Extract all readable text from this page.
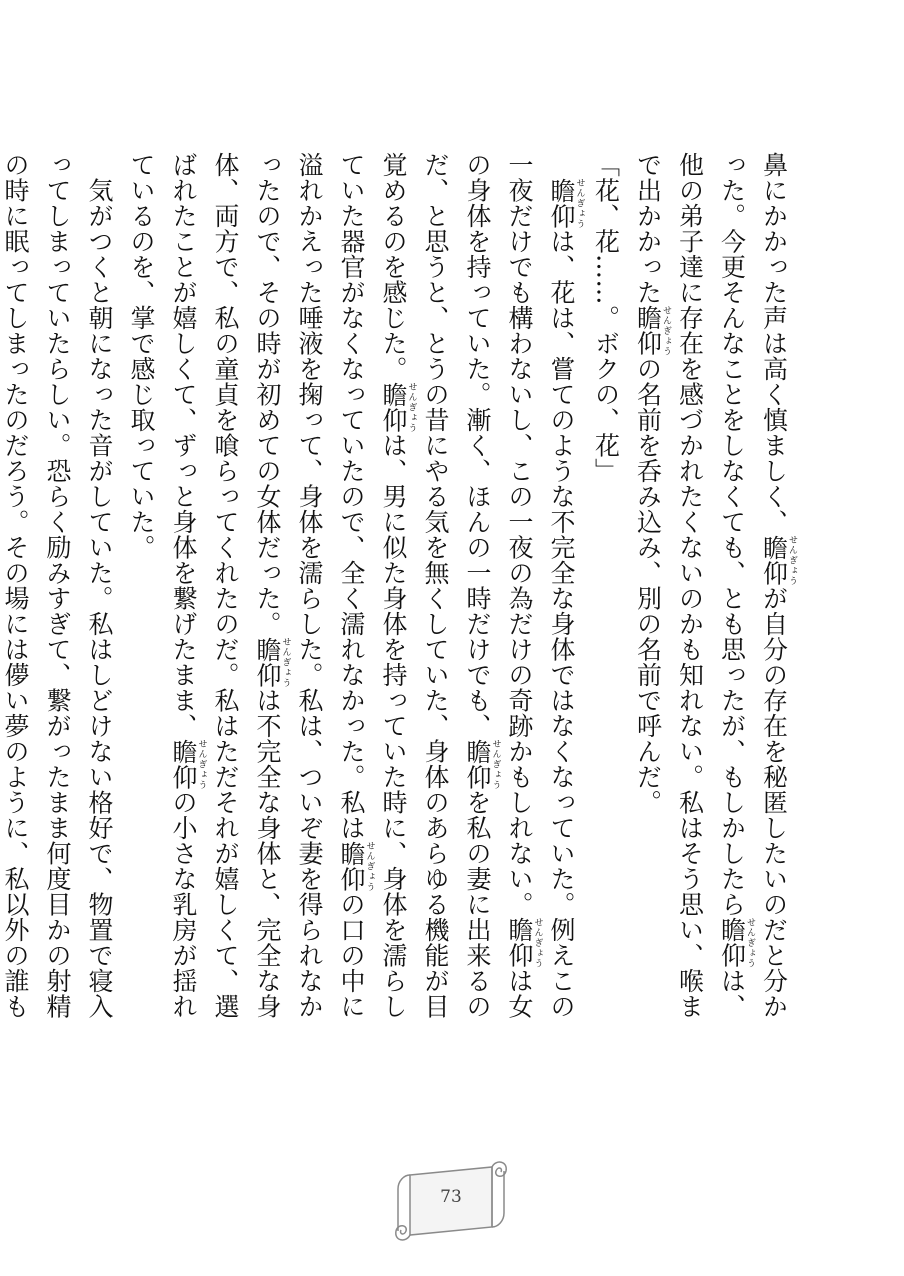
鼻にかかった声は高く慎ましく、瞻仰せんぎょうが自分の存在を秘匿したいのだと分かった。今更そんなことをしなくても、とも思ったが、もしかしたら瞻仰せんぎょうは、他の弟子達に存在を感づかれたくないのかも知れない。私はそう思い、喉まで出かかった瞻仰せんぎょうの名前を呑み込み、別の名前で呼んだ。

「花、花……。ボクの、花」

　瞻仰せんぎょうは、花は、嘗てのような不完全な身体ではなくなっていた。例えこの一夜だけでも構わないし、この一夜の為だけの奇跡かもしれない。瞻仰せんぎょうは女の身体を持っていた。漸く、ほんの一時だけでも、瞻仰せんぎょうを私の妻に出来るのだ、と思うと、とうの昔にやる気を無くしていた、身体のあらゆる機能が目覚めるのを感じた。瞻仰せんぎょうは、男に似た身体を持っていた時に、身体を濡らしていた器官がなくなっていたので、全く濡れなかった。私は瞻仰せんぎょうの口の中に溢れかえった唾液を掬って、身体を濡らした。私は、ついぞ妻を得られなかったので、その時が初めての女体だった。瞻仰せんぎょうは不完全な身体と、完全な身体、両方で、私の童貞を喰らってくれたのだ。私はただそれが嬉しくて、選ばれたことが嬉しくて、ずっと身体を繋げたまま、瞻仰せんぎょうの小さな乳房が揺れているのを、掌で感じ取っていた。

　気がつくと朝になった音がしていた。私はしどけない格好で、物置で寝入ってしまっていたらしい。恐らく励みすぎて、繋がったまま何度目かの射精の時に眠ってしまったのだろう。その場には儚い夢のように、私以外の誰も

73
